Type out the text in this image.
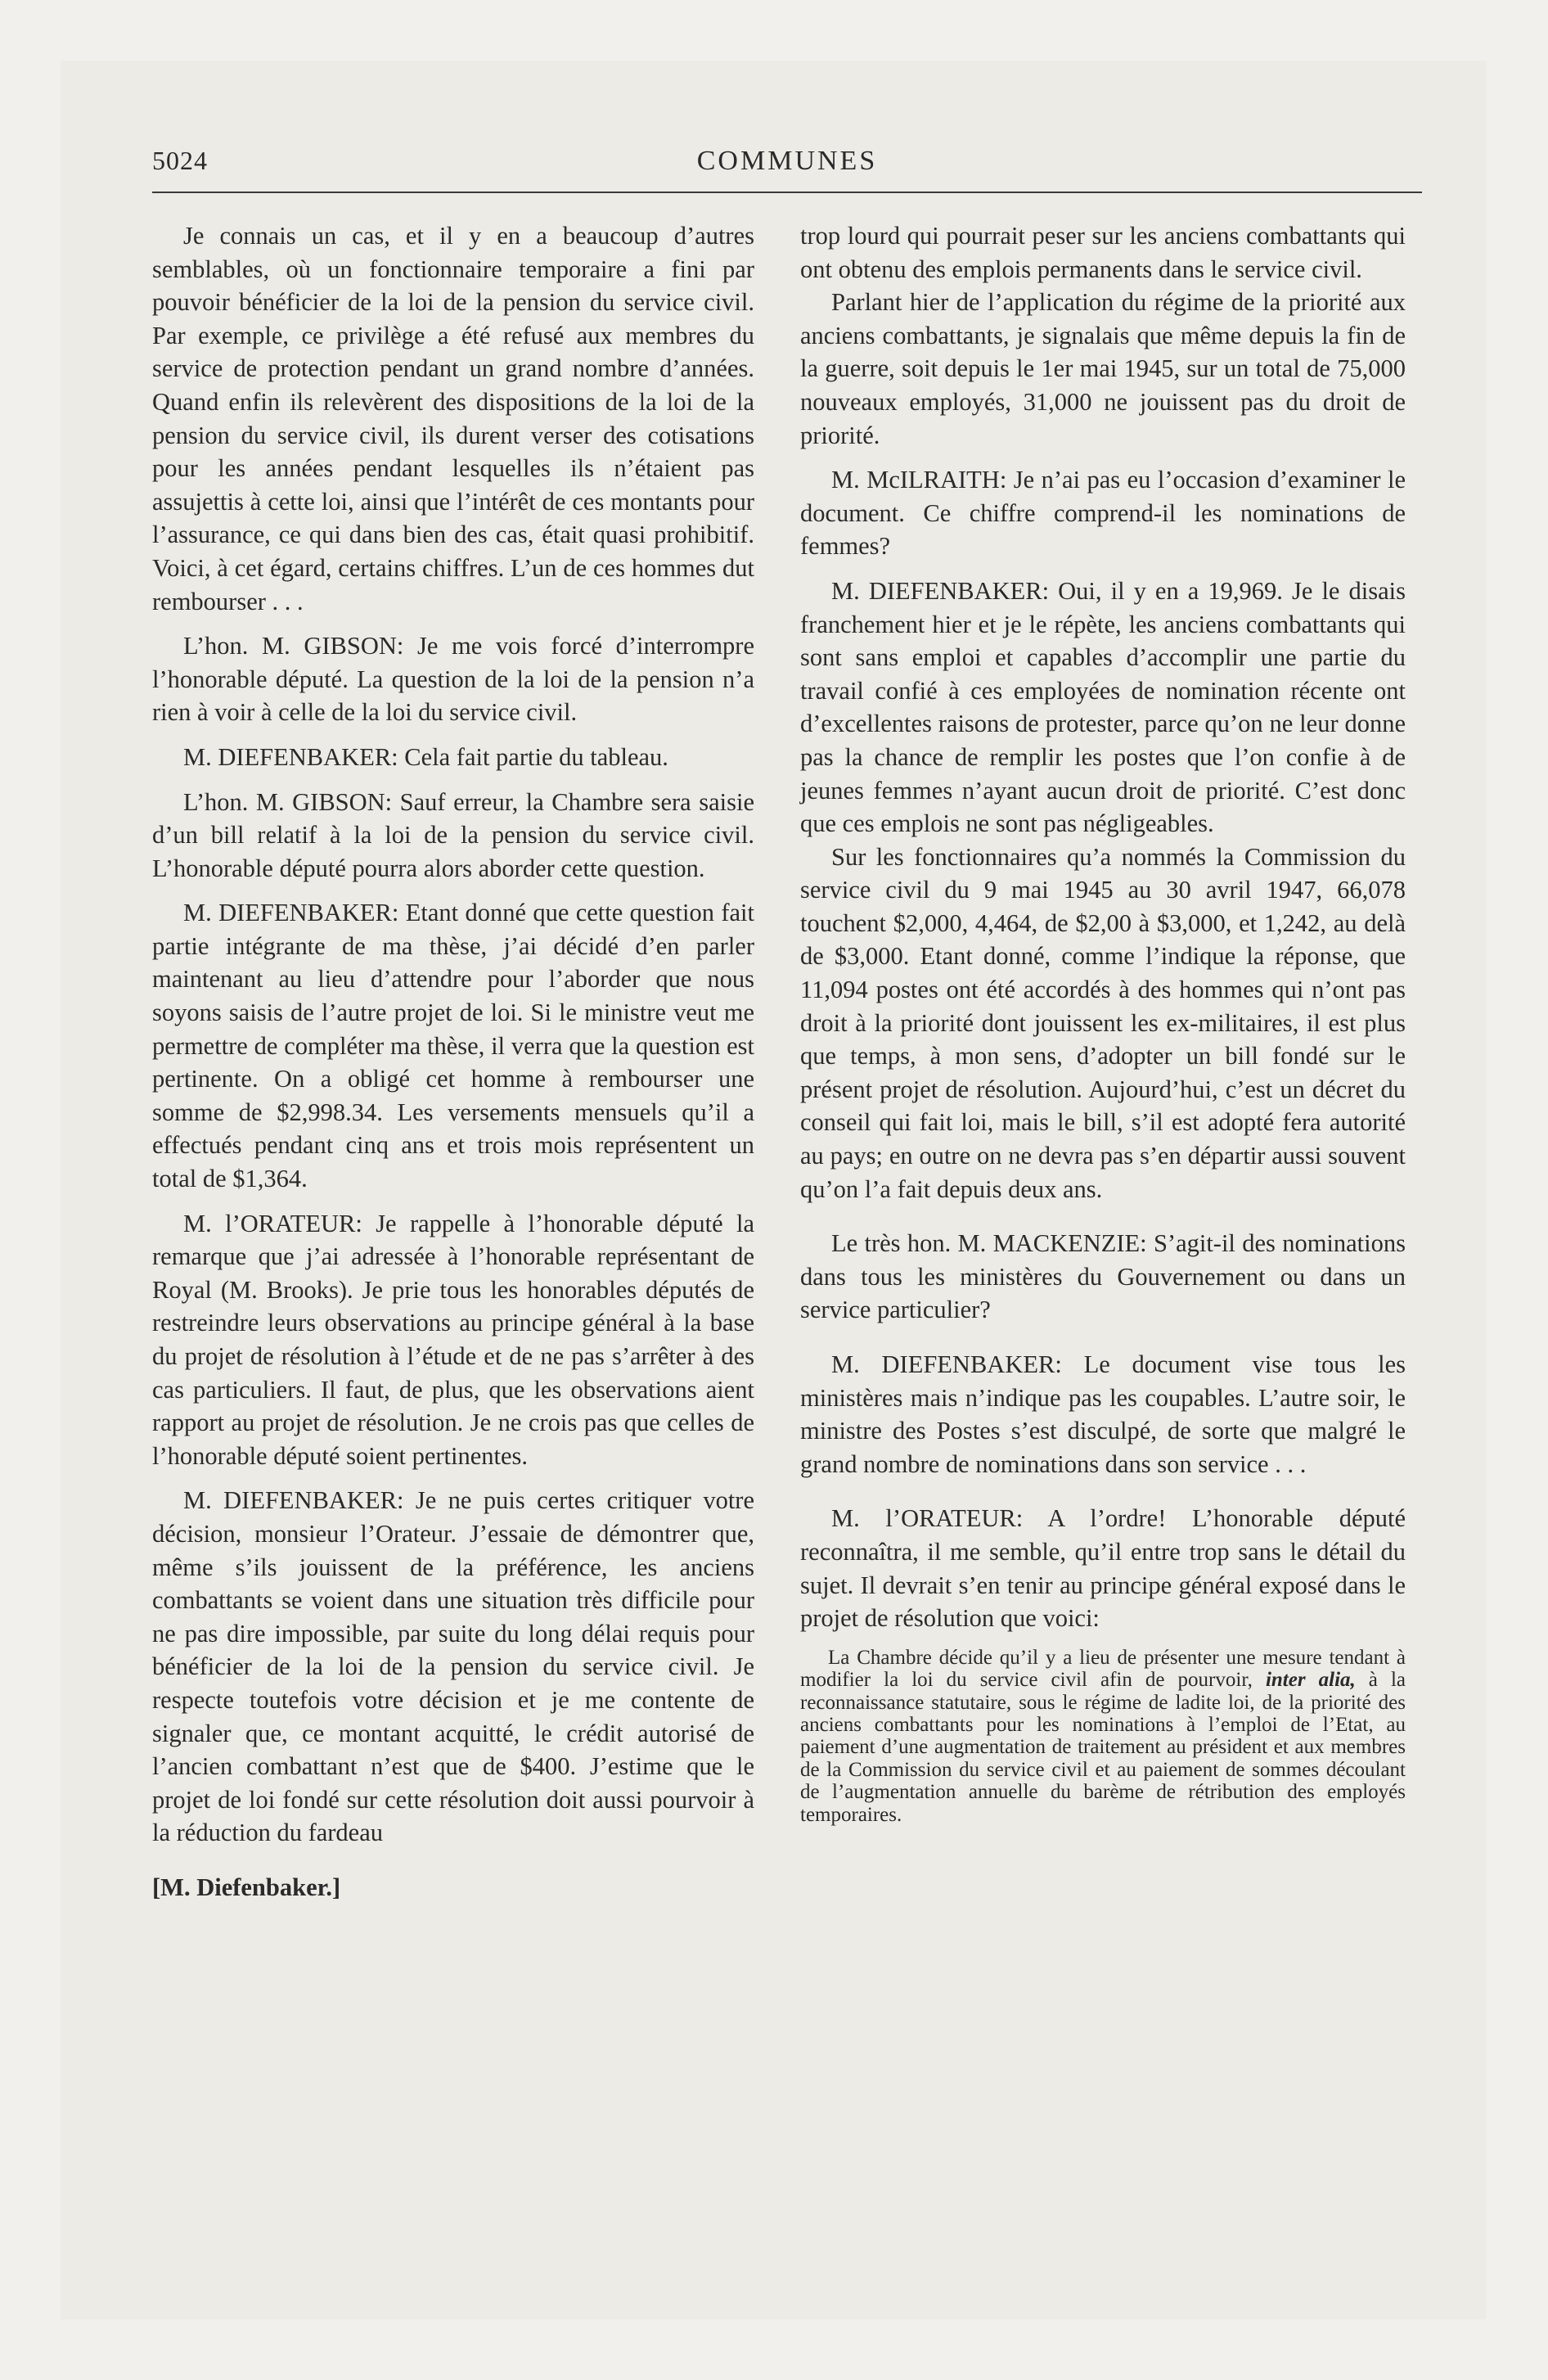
5024	COMMUNES

Je connais un cas, et il y en a beaucoup d’autres semblables, où un fonctionnaire temporaire a fini par pouvoir bénéficier de la loi de la pension du service civil. Par exemple, ce privilège a été refusé aux membres du service de protection pendant un grand nombre d’années. Quand enfin ils relevèrent des dispositions de la loi de la pension du service civil, ils durent verser des cotisations pour les années pendant lesquelles ils n’étaient pas assujettis à cette loi, ainsi que l’intérêt de ces montants pour l’assurance, ce qui dans bien des cas, était quasi prohibitif. Voici, à cet égard, certains chiffres. L’un de ces hommes dut rembourser . . .

L’hon. M. GIBSON: Je me vois forcé d’interrompre l’honorable député. La question de la loi de la pension n’a rien à voir à celle de la loi du service civil.

M. DIEFENBAKER: Cela fait partie du tableau.

L’hon. M. GIBSON: Sauf erreur, la Chambre sera saisie d’un bill relatif à la loi de la pension du service civil. L’honorable député pourra alors aborder cette question.

M. DIEFENBAKER: Etant donné que cette question fait partie intégrante de ma thèse, j’ai décidé d’en parler maintenant au lieu d’attendre pour l’aborder que nous soyons saisis de l’autre projet de loi. Si le ministre veut me permettre de compléter ma thèse, il verra que la question est pertinente. On a obligé cet homme à rembourser une somme de $2,998.34. Les versements mensuels qu’il a effectués pendant cinq ans et trois mois représentent un total de $1,364.

M. l’ORATEUR: Je rappelle à l’honorable député la remarque que j’ai adressée à l’honorable représentant de Royal (M. Brooks). Je prie tous les honorables députés de restreindre leurs observations au principe général à la base du projet de résolution à l’étude et de ne pas s’arrêter à des cas particuliers. Il faut, de plus, que les observations aient rapport au projet de résolution. Je ne crois pas que celles de l’honorable député soient pertinentes.

M. DIEFENBAKER: Je ne puis certes critiquer votre décision, monsieur l’Orateur. J’essaie de démontrer que, même s’ils jouissent de la préférence, les anciens combattants se voient dans une situation très difficile pour ne pas dire impossible, par suite du long délai requis pour bénéficier de la loi de la pension du service civil. Je respecte toutefois votre décision et je me contente de signaler que, ce montant acquitté, le crédit autorisé de l’ancien combattant n’est que de $400. J’estime que le projet de loi fondé sur cette résolution doit aussi pourvoir à la réduction du fardeau

[M. Diefenbaker.]

trop lourd qui pourrait peser sur les anciens combattants qui ont obtenu des emplois permanents dans le service civil.

Parlant hier de l’application du régime de la priorité aux anciens combattants, je signalais que même depuis la fin de la guerre, soit depuis le 1er mai 1945, sur un total de 75,000 nouveaux employés, 31,000 ne jouissent pas du droit de priorité.

M. McILRAITH: Je n’ai pas eu l’occasion d’examiner le document. Ce chiffre comprend-il les nominations de femmes?

M. DIEFENBAKER: Oui, il y en a 19,969. Je le disais franchement hier et je le répète, les anciens combattants qui sont sans emploi et capables d’accomplir une partie du travail confié à ces employées de nomination récente ont d’excellentes raisons de protester, parce qu’on ne leur donne pas la chance de remplir les postes que l’on confie à de jeunes femmes n’ayant aucun droit de priorité. C’est donc que ces emplois ne sont pas négligeables.

Sur les fonctionnaires qu’a nommés la Commission du service civil du 9 mai 1945 au 30 avril 1947, 66,078 touchent $2,000, 4,464, de $2,00 à $3,000, et 1,242, au delà de $3,000. Etant donné, comme l’indique la réponse, que 11,094 postes ont été accordés à des hommes qui n’ont pas droit à la priorité dont jouissent les ex-militaires, il est plus que temps, à mon sens, d’adopter un bill fondé sur le présent projet de résolution. Aujourd’hui, c’est un décret du conseil qui fait loi, mais le bill, s’il est adopté fera autorité au pays; en outre on ne devra pas s’en départir aussi souvent qu’on l’a fait depuis deux ans.

Le très hon. M. MACKENZIE: S’agit-il des nominations dans tous les ministères du Gouvernement ou dans un service particulier?

M. DIEFENBAKER: Le document vise tous les ministères mais n’indique pas les coupables. L’autre soir, le ministre des Postes s’est disculpé, de sorte que malgré le grand nombre de nominations dans son service . . .

M. l’ORATEUR: A l’ordre! L’honorable député reconnaîtra, il me semble, qu’il entre trop sans le détail du sujet. Il devrait s’en tenir au principe général exposé dans le projet de résolution que voici:

La Chambre décide qu’il y a lieu de présenter une mesure tendant à modifier la loi du service civil afin de pourvoir, inter alia, à la reconnaissance statutaire, sous le régime de ladite loi, de la priorité des anciens combattants pour les nominations à l’emploi de l’Etat, au paiement d’une augmentation de traitement au président et aux membres de la Commission du service civil et au paiement de sommes découlant de l’augmentation annuelle du barème de rétribution des employés temporaires.
